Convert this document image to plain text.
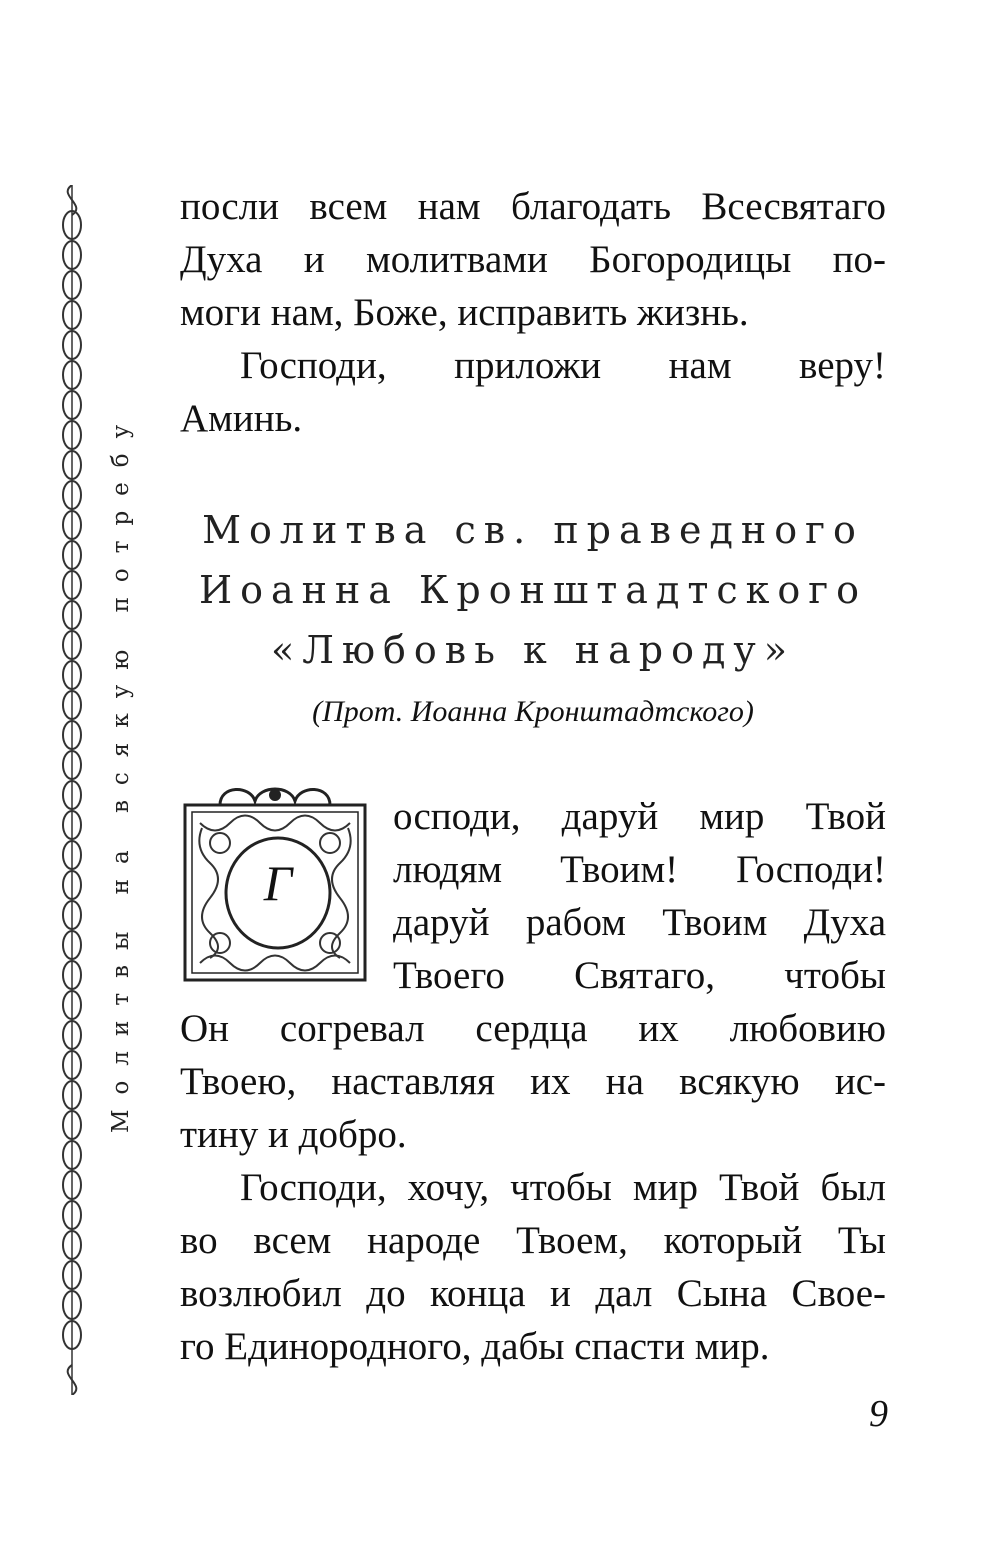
Молитвы на всякую потребу

посли всем нам благодать Всесвятаго

Духа и молитвами Богородицы по-

моги нам, Боже, исправить жизнь.

Господи, приложи нам веру!

Аминь.

Молитва св. праведного
Иоанна Кронштадтского
«Любовь к народу»
(Прот. Иоанна Кронштадтского)
Г

осподи, даруй мир Твой

людям Твоим! Господи!

даруй рабом Твоим Духа

Твоего Святаго, чтобы

Он согревал сердца их любовию

Твоею, наставляя их на всякую ис-

тину и добро.

Господи, хочу, чтобы мир Твой был

во всем народе Твоем, который Ты

возлюбил до конца и дал Сына Свое-

го Единородного, дабы спасти мир.

9
